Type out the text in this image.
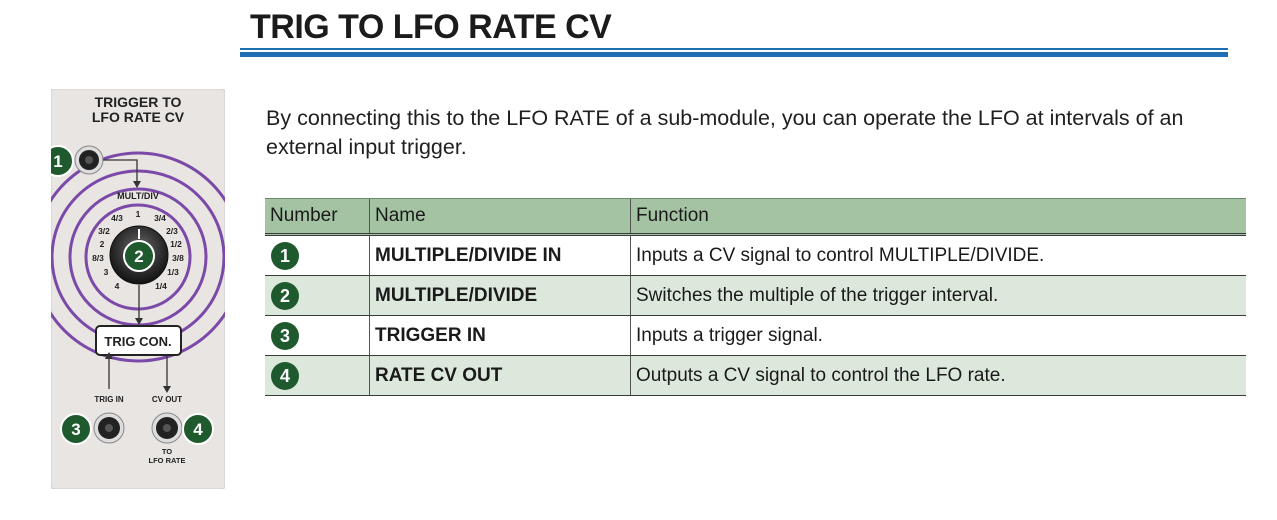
TRIG TO LFO RATE CV
TRIGGER TO
LFO RATE CV
MULT/DIV
4/3 1 3/4
3/2	2/3
2	1/2
8/3	3/8
3	1/3
4	1/4
TRIG CON.
TRIG IN	CV OUT
TO
LFO RATE
1
2
3	4
By connecting this to the LFO RATE of a sub-module, you can operate the LFO at intervals of an external input trigger.
Number	Name	Function
1	MULTIPLE/DIVIDE IN	Inputs a CV signal to control MULTIPLE/DIVIDE.
2	MULTIPLE/DIVIDE	Switches the multiple of the trigger interval.
3	TRIGGER IN	Inputs a trigger signal.
4	RATE CV OUT	Outputs a CV signal to control the LFO rate.
